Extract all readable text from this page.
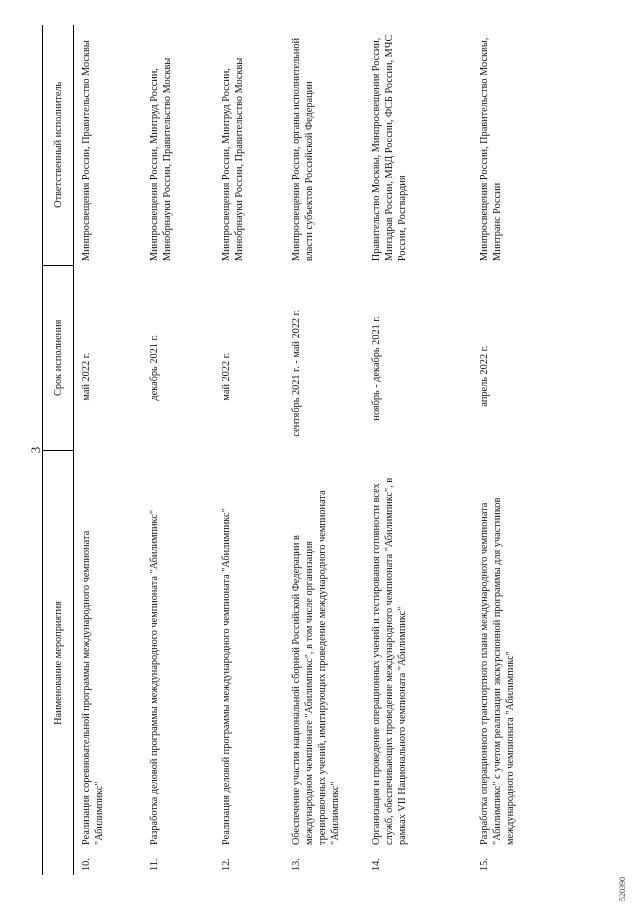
3
Наименование мероприятия	Срок исполнения	Ответственный исполнитель
10.Реализация соревновательной программы международного чемпионата "Абилимпикс"	май 2022 г.	Минпросвещения России, Правительство Москвы
11.Разработка деловой программы международного чемпионата "Абилимпикс"	декабрь 2021 г.	Минпросвещения России, Минтруд России, Минобрнауки России, Правительство Москвы
12.Реализация деловой программы международного чемпионата "Абилимпикс"	май 2022 г.	Минпросвещения России, Минтруд России, Минобрнауки России, Правительство Москвы
13.Обеспечение участия национальной сборной Российской Федерации в международном чемпионате "Абилимпикс", в том числе организация тренировочных учений, имитирующих проведение международного чемпионата "Абилимпикс"	сентябрь 2021 г. - май 2022 г.	Минпросвещения России, органы исполнительной власти субъектов Российской Федерации
14.Организация и проведение операционных учений и тестирования готовности всех служб, обеспечивающих проведение международного чемпионата "Абилимпикс", в рамках VII Национального чемпионата "Абилимпикс"	ноябрь - декабрь 2021 г.	Правительство Москвы, Минпросвещения России, Минздрав России, МВД России, ФСБ России, МЧС России, Росгвардия
15.Разработка операционного транспортного плана международного чемпионата "Абилимпикс" с учетом реализации экскурсионной программы для участников международного чемпионата "Абилимпикс"	апрель 2022 г.	Минпросвещения России, Правительство Москвы, Минтранс России
520390
